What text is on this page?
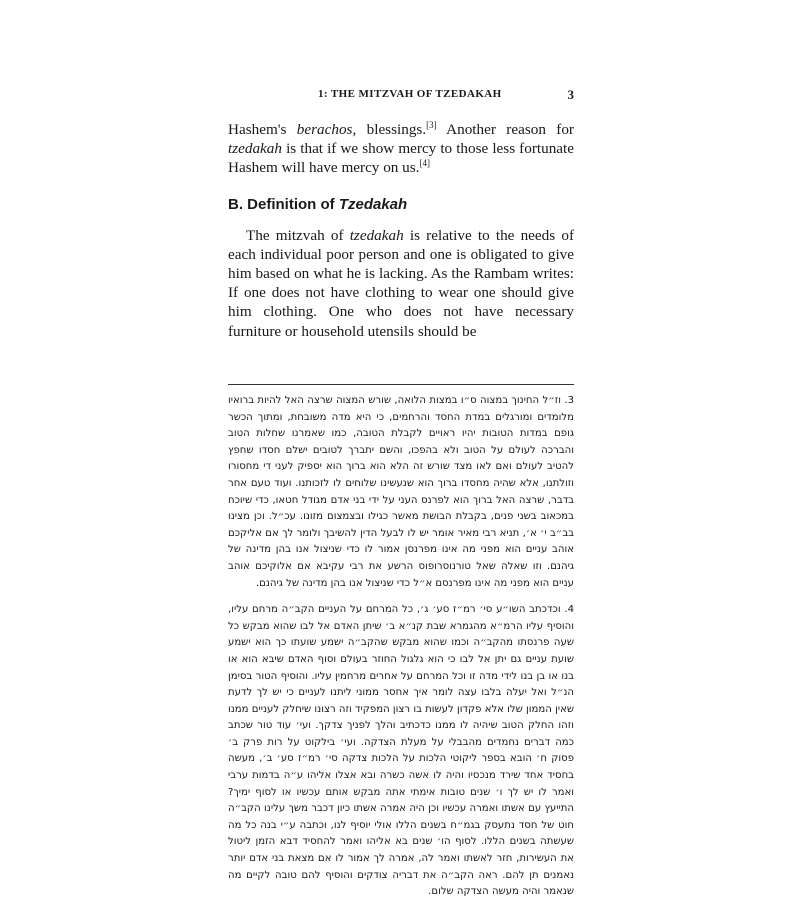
1: THE MITZVAH OF TZEDAKAH	3

Hashem's berachos, blessings.[3] Another reason for tzedakah is that if we show mercy to those less fortunate Hashem will have mercy on us.[4]

B. Definition of Tzedakah

The mitzvah of tzedakah is relative to the needs of each individual poor person and one is obligated to give him based on what he is lacking. As the Rambam writes: If one does not have clothing to wear one should give him clothing. One who does not have necessary furniture or household utensils should be

3. וז״ל החינוך במצוה ס״ו במצות הלואה, שורש המצוה שרצה האל להיות ברואיו מלומדים ומורגלים במדת החסד והרחמים, כי היא מדה משובחת, ומתוך הכשר גופם במדות הטובות יהיו ראויים לקבלת הטובה, כמו שאמרנו שחלות הטוב והברכה לעולם על הטוב ולא בהפכו, והשם יתברך לטובים ישלם חסדו שחפץ להטיב לעולם ואם לאו מצד שורש זה הלא הוא ברוך הוא יספיק לעני די מחסורו וזולתנו, אלא שהיה מחסדו ברוך הוא שנעשינו שלוחים לו לזכותנו. ועוד טעם אחר בדבר, שרצה האל ברוך הוא לפרנס העני על ידי בני אדם מגודל חטאו, כדי שיוכח במכאוב בשני פנים, בקבלת הבושת מאשר כגילו ובצמצום מזונו. עכ״ל. וכן מצינו בב״ב י׳ א׳, תניא רבי מאיר אומר יש לו לבעל הדין להשיבך ולומר לך אם אליקכם אוהב עניים הוא מפני מה אינו מפרנסן אמור לו כדי שניצול אנו בהן מדינה של גיהנם. וזו שאלה שאל טורנוסרופוס הרשע את רבי עקיבא אם אלוקיכם אוהב עניים הוא מפני מה אינו מפרנסם א״ל כדי שניצול אנו בהן מדינה של גיהנם.

4. וכדכתב השו״ע סי׳ רמ״ז סע׳ ג׳, כל המרחם על העניים הקב״ה מרחם עליו, והוסיף עליו הרמ״א מהגמרא שבת קנ״א ב׳ שיתן האדם אל לבו שהוא מבקש כל שעה פרנסתו מהקב״ה וכמו שהוא מבקש שהקב״ה ישמע שועתו כך הוא ישמע שועת עניים גם יתן אל לבו כי הוא גלגול החוזר בעולם וסוף האדם שיבא הוא או בנו או בן בנו לידי מדה זו וכל המרחם על אחרים מרחמין עליו. והוסיף הטור בסימן הנ״ל ואל יעלה בלבו עצה לומר איך אחסר ממוני ליתנו לעניים כי יש לך לדעת שאין הממון שלו אלא פקדון לעשות בו רצון המפקיד וזה רצונו שיחלק לעניים ממנו וזהו החלק הטוב שיהיה לו ממנו כדכתיב והלך לפניך צדקך. ועי׳ עוד טור שכתב כמה דברים נחמדים מהבבלי על מעלת הצדקה. ועי׳ בילקוט על רות פרק ב׳ פסוק ח׳ הובא בספר ליקוטי הלכות על הלכות צדקה סי׳ רמ״ז סע׳ ב׳, מעשה בחסיד אחד שירד מנכסיו והיה לו אשה כשרה ובא אצלו אליהו ע״ה בדמות ערבי ואמר לו יש לך ו׳ שנים טובות אימתי אתה מבקש אותם עכשיו או לסוף ימיך? התייעץ עם אשתו ואמרה עכשיו וכן היה אמרה אשתו כיון דכבר משך עלינו הקב״ה חוט של חסד נתעסק בגמ״ח בשנים הללו אולי יוסיף לנו, וכתבה ע״י בנה כל מה שעשתה בשנים הללו. לסוף הו׳ שנים בא אליהו ואמר להחסיד דבא הזמן ליטול את העשירות, חזר לאשתו ואמר לה, אמרה לך אמור לו אם מצאת בני אדם יותר נאמנים תן להם. ראה הקב״ה את דבריה צודקים והוסיף להם טובה לקיים מה שנאמר והיה מעשה הצדקה שלום.
